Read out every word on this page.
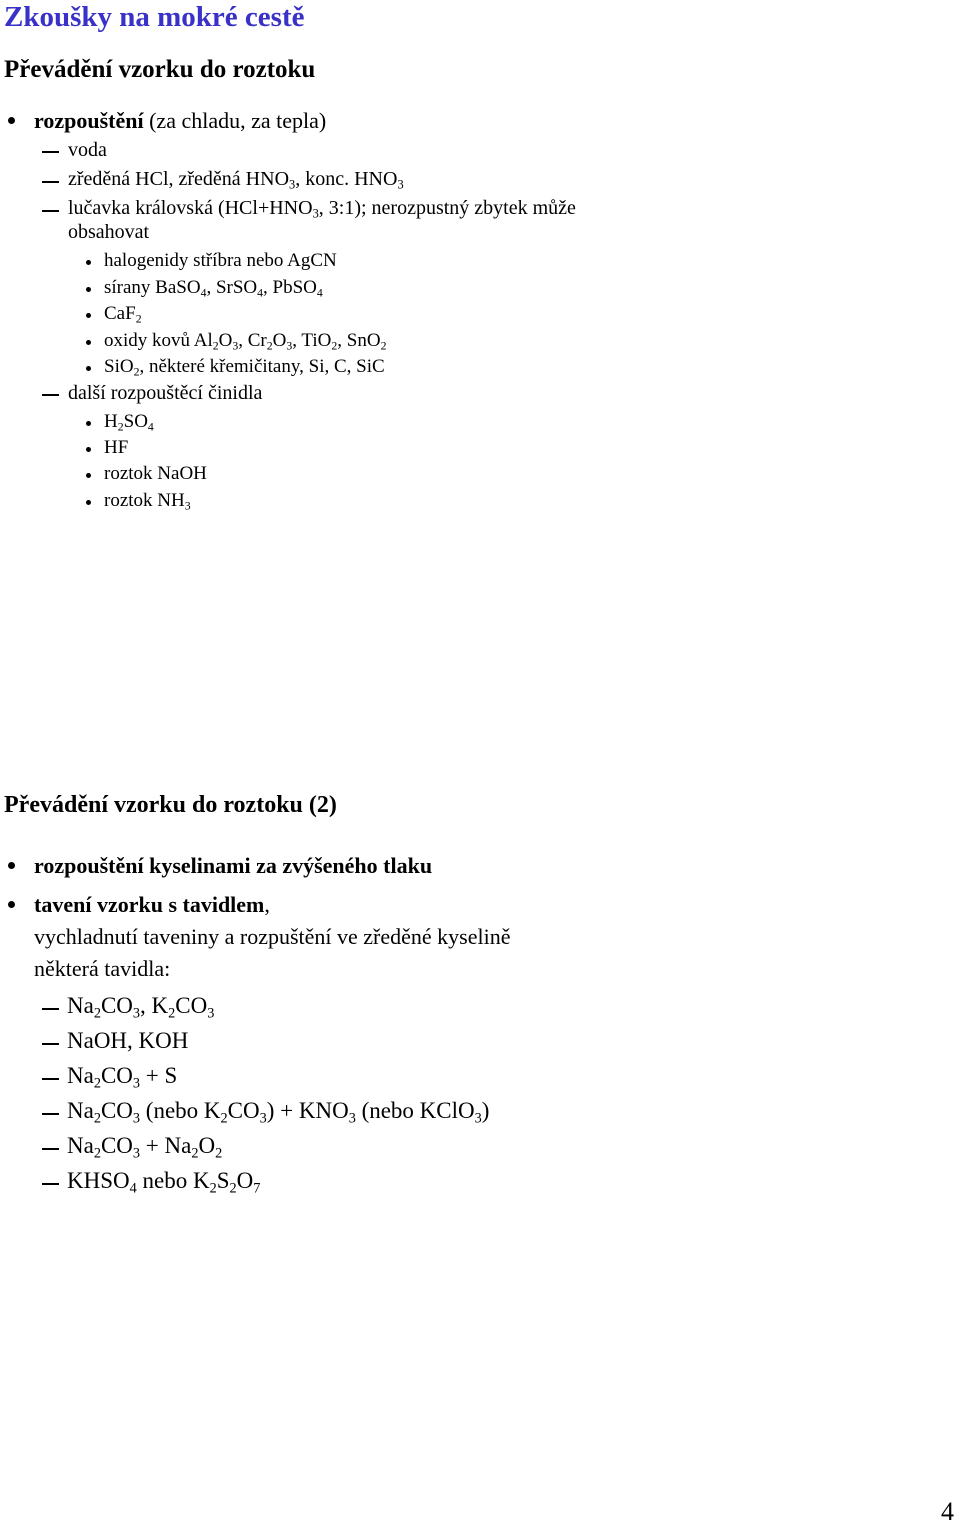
Zkoušky na mokré cestě
Převádění vzorku do roztoku
rozpouštění (za chladu, za tepla)
voda
zředěná HCl, zředěná $HNO_3$, konc. $HNO_3$
lučavka královská ($HCl+HNO_3$, 3:1); nerozpustný zbytek může
obsahovat
halogenidy stříbra nebo AgCN
sírany BaSO$_4$, SrSO$_4$, PbSO$_4$
CaF$_2$
oxidy kovů $Al_2O_3$, $Cr_2O_3$, TiO$_2$, SnO$_2$
SiO$_2$, některé křemičitany, Si, C, SiC
další rozpouštěcí činidla
$H_2SO_4$
HF
roztok NaOH
roztok $NH_3$
Převádění vzorku do roztoku (2)
rozpouštění kyselinami za zvýšeného tlaku
tavení vzorku s tavidlem,
vychladnutí taveniny a rozpuštění ve zředěné kyselině
některá tavidla:
$Na_2CO_3$, $K_2CO_3$
NaOH, KOH
$Na_2CO_3 + S$
$Na_2CO_3$ (nebo $K_2CO_3) + KNO_3$ (nebo KClO$_3$)
$Na_2CO_3 + Na_2O_2$
$KHSO_4$ nebo $K_2S_2O_7$
4
